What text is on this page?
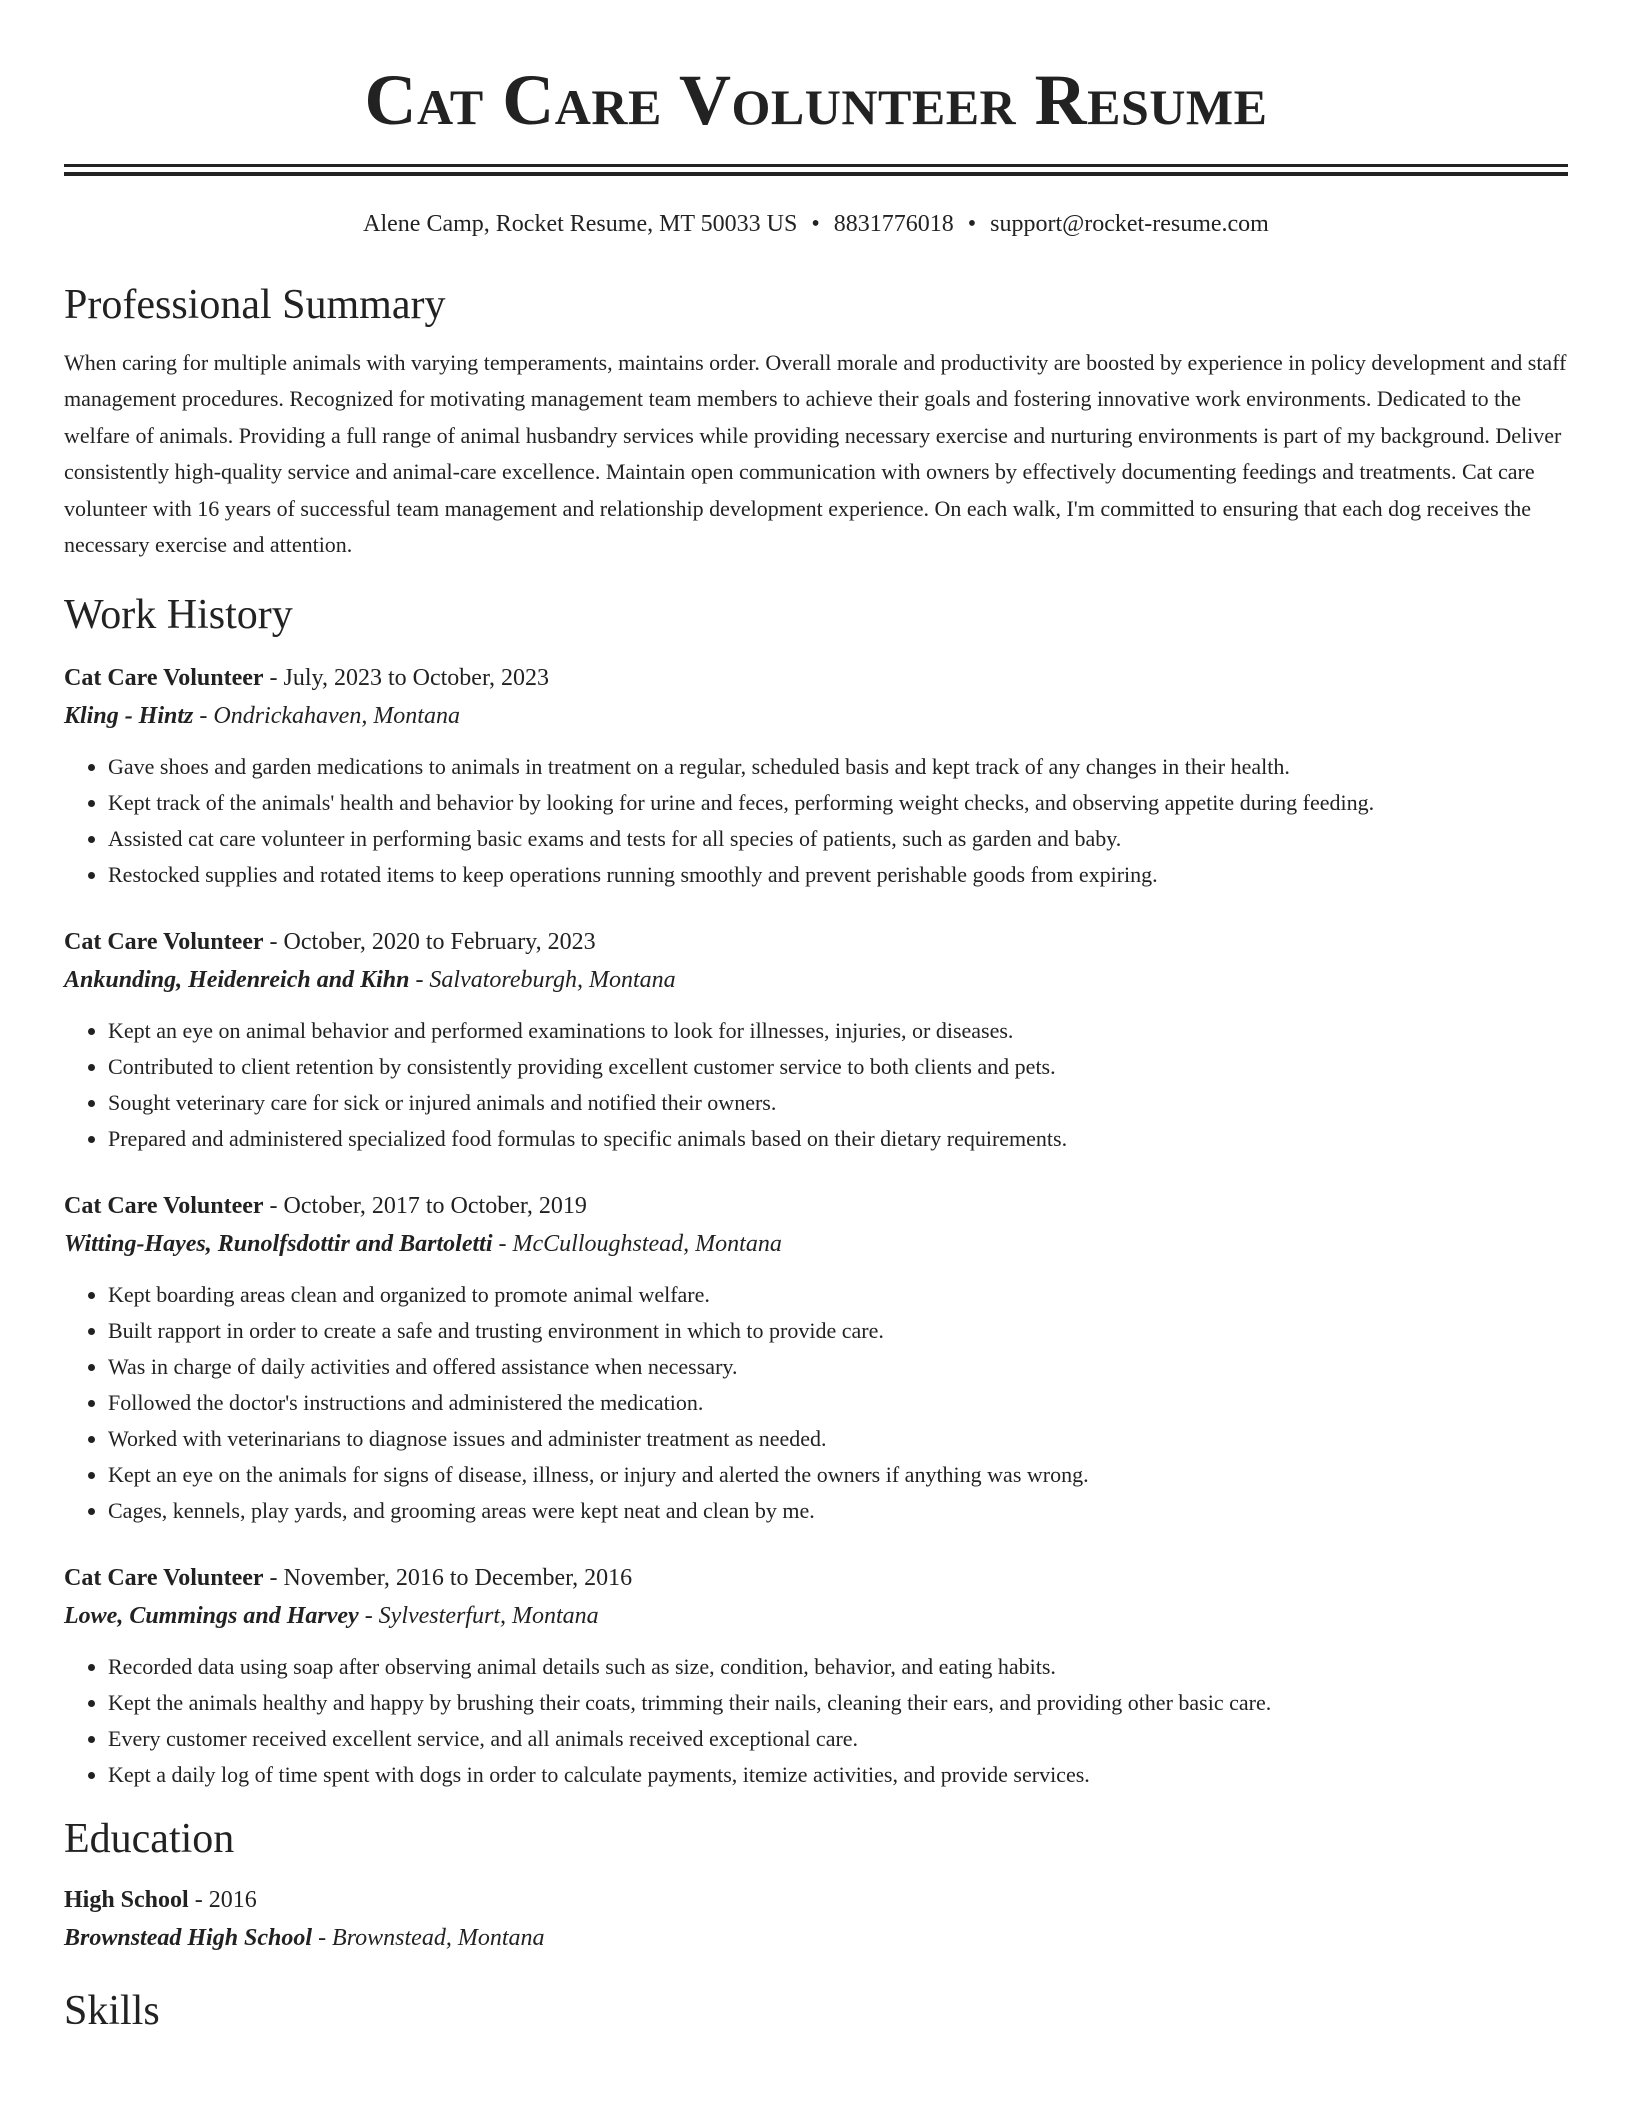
Cat Care Volunteer Resume
Alene Camp, Rocket Resume, MT 50033 US • 8831776018 • support@rocket-resume.com
Professional Summary

When caring for multiple animals with varying temperaments, maintains order. Overall morale and productivity are boosted by experience in policy development and staff management procedures. Recognized for motivating management team members to achieve their goals and fostering innovative work environments. Dedicated to the welfare of animals. Providing a full range of animal husbandry services while providing necessary exercise and nurturing environments is part of my background. Deliver consistently high-quality service and animal-care excellence. Maintain open communication with owners by effectively documenting feedings and treatments. Cat care volunteer with 16 years of successful team management and relationship development experience. On each walk, I'm committed to ensuring that each dog receives the necessary exercise and attention.

Work History
Cat Care Volunteer - July, 2023 to October, 2023
Kling - Hintz - Ondrickahaven, Montana
• Gave shoes and garden medications to animals in treatment on a regular, scheduled basis and kept track of any changes in their health.
• Kept track of the animals' health and behavior by looking for urine and feces, performing weight checks, and observing appetite during feeding.
• Assisted cat care volunteer in performing basic exams and tests for all species of patients, such as garden and baby.
• Restocked supplies and rotated items to keep operations running smoothly and prevent perishable goods from expiring.
Cat Care Volunteer - October, 2020 to February, 2023
Ankunding, Heidenreich and Kihn - Salvatoreburgh, Montana
• Kept an eye on animal behavior and performed examinations to look for illnesses, injuries, or diseases.
• Contributed to client retention by consistently providing excellent customer service to both clients and pets.
• Sought veterinary care for sick or injured animals and notified their owners.
• Prepared and administered specialized food formulas to specific animals based on their dietary requirements.
Cat Care Volunteer - October, 2017 to October, 2019
Witting-Hayes, Runolfsdottir and Bartoletti - McCulloughstead, Montana
• Kept boarding areas clean and organized to promote animal welfare.
• Built rapport in order to create a safe and trusting environment in which to provide care.
• Was in charge of daily activities and offered assistance when necessary.
• Followed the doctor's instructions and administered the medication.
• Worked with veterinarians to diagnose issues and administer treatment as needed.
• Kept an eye on the animals for signs of disease, illness, or injury and alerted the owners if anything was wrong.
• Cages, kennels, play yards, and grooming areas were kept neat and clean by me.
Cat Care Volunteer - November, 2016 to December, 2016
Lowe, Cummings and Harvey - Sylvesterfurt, Montana
• Recorded data using soap after observing animal details such as size, condition, behavior, and eating habits.
• Kept the animals healthy and happy by brushing their coats, trimming their nails, cleaning their ears, and providing other basic care.
• Every customer received excellent service, and all animals received exceptional care.
• Kept a daily log of time spent with dogs in order to calculate payments, itemize activities, and provide services.
Education
High School - 2016
Brownstead High School - Brownstead, Montana
Skills
